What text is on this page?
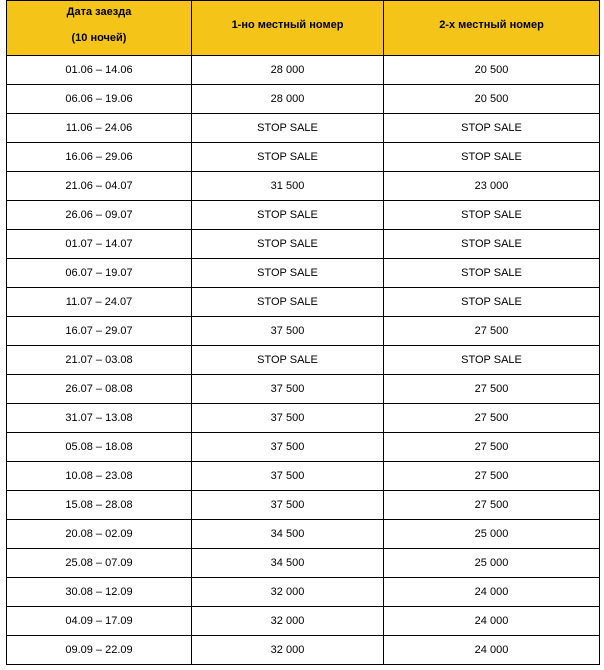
Дата заезда
(10 ночей)	1-но местный номер	2-х местный номер

01.06 – 14.06	28 000	20 500
06.06 – 19.06	28 000	20 500
11.06 – 24.06	STOP SALE	STOP SALE
16.06 – 29.06	STOP SALE	STOP SALE
21.06 – 04.07	31 500	23 000
26.06 – 09.07	STOP SALE	STOP SALE
01.07 – 14.07	STOP SALE	STOP SALE
06.07 – 19.07	STOP SALE	STOP SALE
11.07 – 24.07	STOP SALE	STOP SALE
16.07 – 29.07	37 500	27 500
21.07 – 03.08	STOP SALE	STOP SALE
26.07 – 08.08	37 500	27 500
31.07 – 13.08	37 500	27 500
05.08 – 18.08	37 500	27 500
10.08 – 23.08	37 500	27 500
15.08 – 28.08	37 500	27 500
20.08 – 02.09	34 500	25 000
25.08 – 07.09	34 500	25 000
30.08 – 12.09	32 000	24 000
04.09 – 17.09	32 000	24 000
09.09 – 22.09	32 000	24 000
